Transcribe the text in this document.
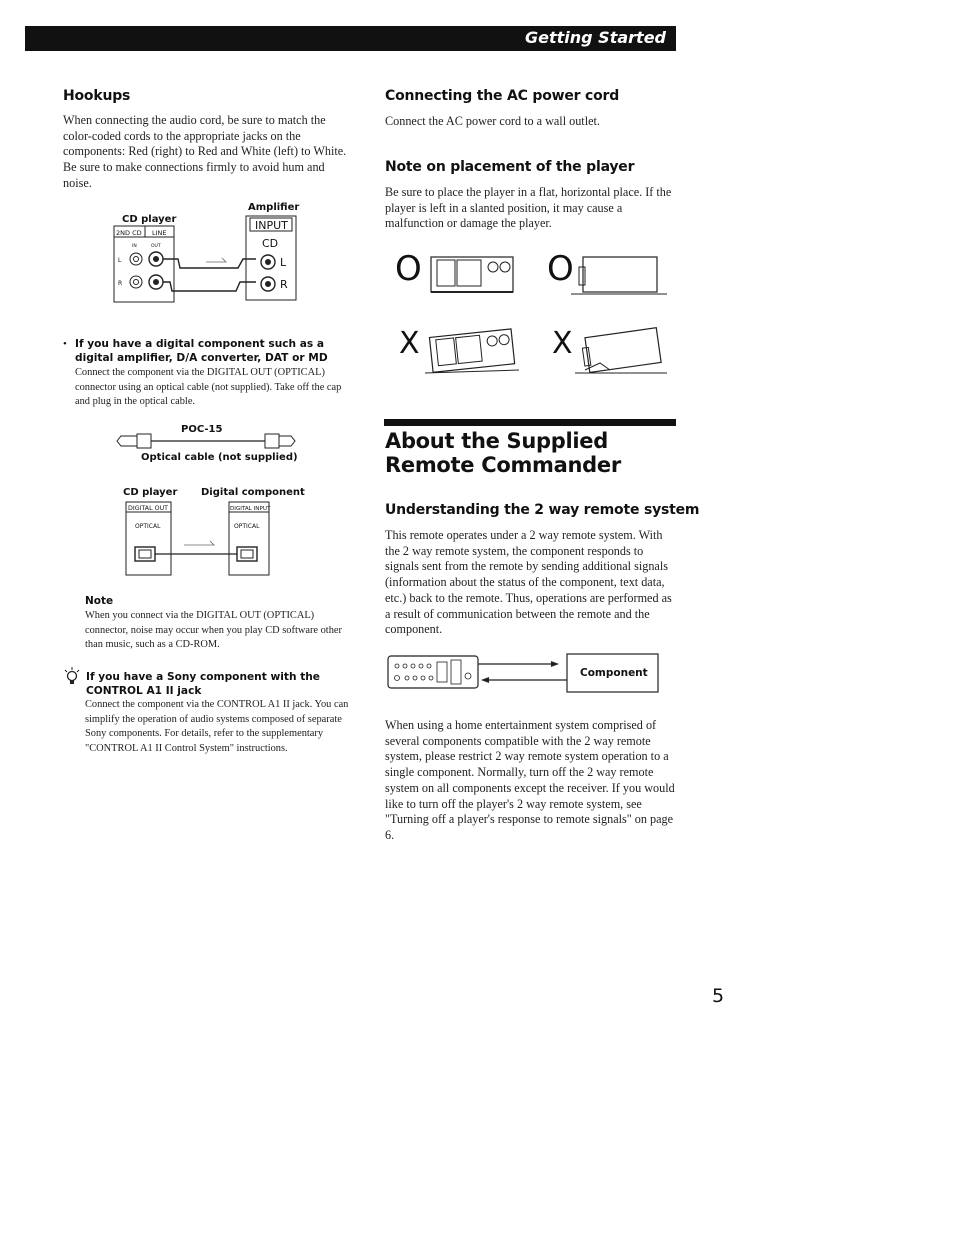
Getting Started
Hookups
When connecting the audio cord, be sure to match the color-coded cords to the appropriate jacks on the components: Red (right) to Red and White (left) to White. Be sure to make connections firmly to avoid hum and noise.
CD player
Amplifier
2ND CD LINE
IN	OUT
L
R
INPUT
CD
L
R
• If you have a digital component such as a digital amplifier, D/A converter, DAT or MD
Connect the component via the DIGITAL OUT (OPTICAL) connector using an optical cable (not supplied). Take off the cap and plug in the optical cable.
POC-15
Optical cable (not supplied)
CD player Digital component
DIGITAL OUT
OPTICAL
DIGITAL INPUT
OPTICAL
Note
When you connect via the DIGITAL OUT (OPTICAL) connector, noise may occur when you play CD software other than music, such as a CD-ROM.
If you have a Sony component with the CONTROL A1 II jack
Connect the component via the CONTROL A1 II jack. You can simplify the operation of audio systems composed of separate Sony components. For details, refer to the supplementary "CONTROL A1 II Control System" instructions.
Connecting the AC power cord
Connect the AC power cord to a wall outlet.
Note on placement of the player
Be sure to place the player in a flat, horizontal place. If the player is left in a slanted position, it may cause a malfunction or damage the player.
O	O
X	X
About the Supplied Remote Commander
Understanding the 2 way remote system
This remote operates under a 2 way remote system. With the 2 way remote system, the component responds to signals sent from the remote by sending additional signals (information about the status of the component, text data, etc.) back to the remote. Thus, operations are performed as a result of communication between the remote and the component.
Component
When using a home entertainment system comprised of several components compatible with the 2 way remote system, please restrict 2 way remote system operation to a single component. Normally, turn off the 2 way remote system on all components except the receiver. If you would like to turn off the player's 2 way remote system, see "Turning off a player's response to remote signals" on page 6.
5
